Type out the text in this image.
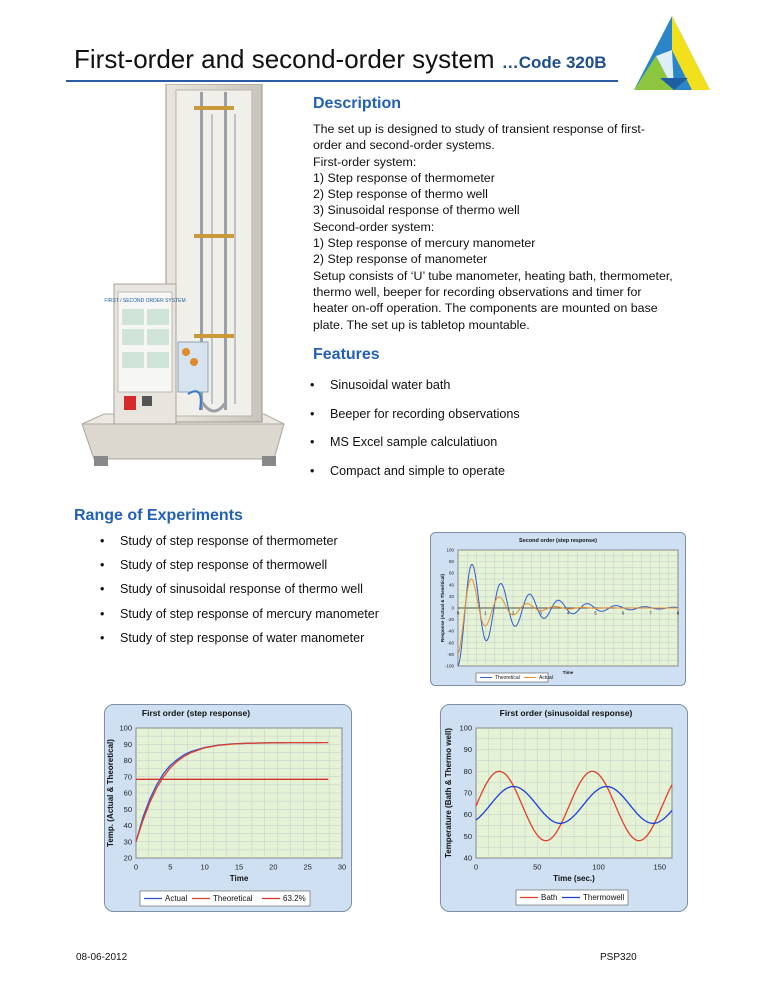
First-order and second-order system …Code 320B
FIRST / SECOND ORDER SYSTEM
Description

The set up is designed to study of transient response of first-order and second-order systems.

First-order system:

1) Step response of thermometer

2) Step response of thermo well

3) Sinusoidal response of thermo well

Second-order system:

1) Step response of mercury manometer

2) Step response of manometer

Setup consists of ‘U’ tube manometer, heating bath, thermometer, thermo well, beeper for recording observations and timer for heater on-off operation. The components are mounted on base plate. The set up is tabletop mountable.

Features
• Sinusoidal water bath
• Beeper for recording observations
• MS Excel sample calculatiuon
• Compact and simple to operate
Range of Experiments
• Study of step response of thermometer
• Study of step response of thermowell
• Study of sinusoidal response of thermo well
• Study of step response of mercury manometer
• Study of step response of water manometer
-100
-80
-60
-40
-20
0
20
40
60
80
100
0	1	2	3	4	5	6	7	8
Second order (step response)
Time
Response (Actual & Theoritical)
Theoretical	Actual
20
30
40
50
60
70
80
90
100
0	5	10	15	20	25	30
First order (step response)
Time
Temp. (Actual & Theoretical)
Actual	Theoretical	63.2%
40
50
60
70
80
90
100
0	50	100	150
First order (sinusoidal response)
Time (sec.)
Temperature (Bath & Thermo well)
Bath	Thermowell
08-06-2012	PSP320
